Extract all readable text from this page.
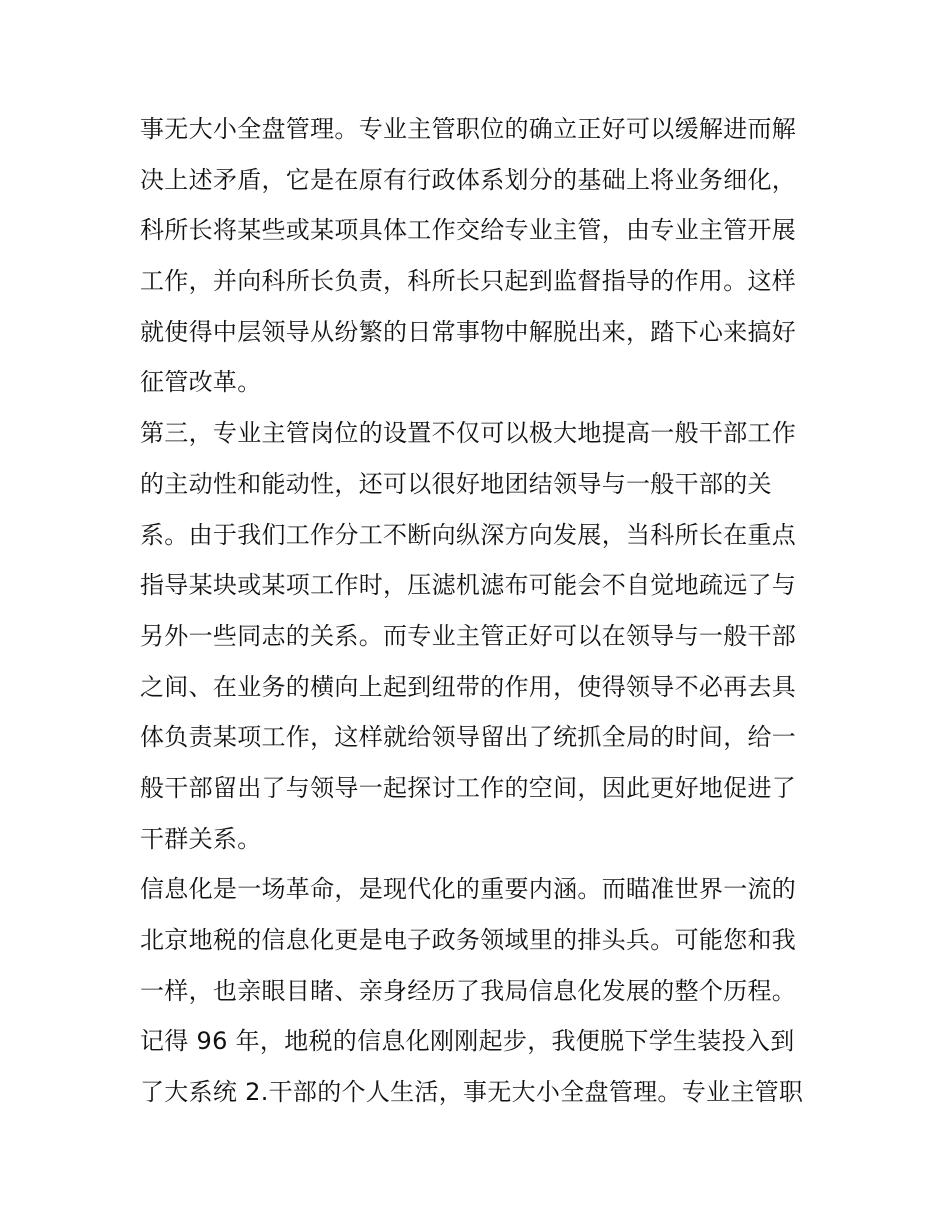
事无大小全盘管理。专业主管职位的确立正好可以缓解进而解
决上述矛盾，它是在原有行政体系划分的基础上将业务细化，
科所长将某些或某项具体工作交给专业主管，由专业主管开展
工作，并向科所长负责，科所长只起到监督指导的作用。这样
就使得中层领导从纷繁的日常事物中解脱出来，踏下心来搞好
征管改革。
第三，专业主管岗位的设置不仅可以极大地提高一般干部工作
的主动性和能动性，还可以很好地团结领导与一般干部的关
系。由于我们工作分工不断向纵深方向发展，当科所长在重点
指导某块或某项工作时，压滤机滤布可能会不自觉地疏远了与
另外一些同志的关系。而专业主管正好可以在领导与一般干部
之间、在业务的横向上起到纽带的作用，使得领导不必再去具
体负责某项工作，这样就给领导留出了统抓全局的时间，给一
般干部留出了与领导一起探讨工作的空间，因此更好地促进了
干群关系。
信息化是一场革命，是现代化的重要内涵。而瞄准世界一流的
北京地税的信息化更是电子政务领域里的排头兵。可能您和我
一样，也亲眼目睹、亲身经历了我局信息化发展的整个历程。
记得 96 年，地税的信息化刚刚起步，我便脱下学生装投入到
了大系统 2.干部的个人生活，事无大小全盘管理。专业主管职
